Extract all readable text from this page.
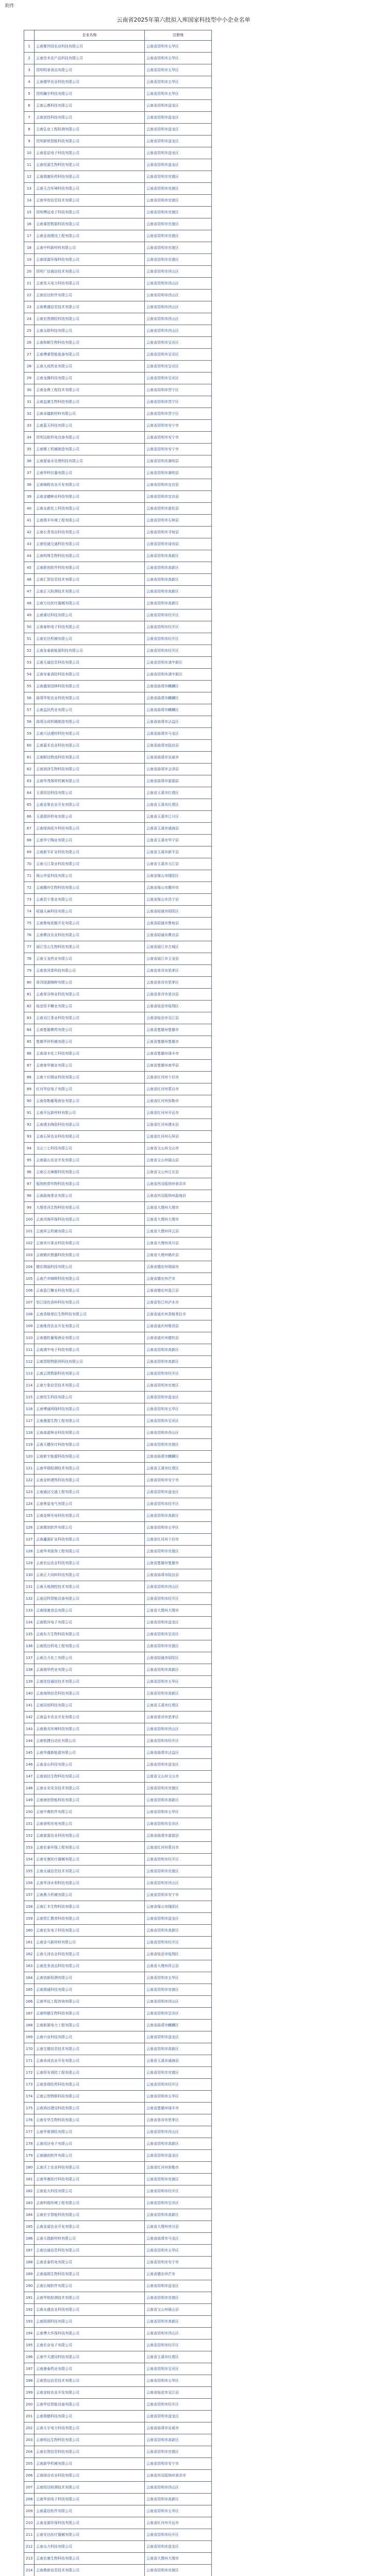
附件
云南省2025年第六批拟入库国家科技型中小企业名单
	企业名称	注册地
1	云南聚珍园农业科技有限公司	云南省昆明市五华区
2	云南佳禾农产品科技有限公司	云南省昆明市五华区
3	昆明明承食品有限公司	云南省昆明市五华区
4	云南德华农业科技有限公司	云南省昆明市五华区
5	昆明瀚宇科技有限公司	云南省昆明市五华区
6	云南云鼎科技有限公司	云南省昆明市盘龙区
7	云南创佳科技有限公司	云南省昆明市盘龙区
8	云南弘业工程检测有限公司	云南省昆明市盘龙区
9	昆明新锐智能科技有限公司	云南省昆明市盘龙区
10	云南星辰电子科技有限公司	云南省昆明市盘龙区
11	云南恒源生物科技有限公司	云南省昆明市盘龙区
12	云南瑞康医药科技有限公司	云南省昆明市官渡区
13	云南天合环境科技有限公司	云南省昆明市官渡区
14	云南华创信息技术有限公司	云南省昆明市官渡区
15	昆明博远电子科技有限公司	云南省昆明市官渡区
16	云南睿智数据科技有限公司	云南省昆明市官渡区
17	云南金润建设工程有限公司	云南省昆明市官渡区
18	云南中科新材料有限公司	云南省昆明市官渡区
19	云南绿源环保科技有限公司	云南省昆明市官渡区
20	昆明广信通信技术有限公司	云南省昆明市西山区
21	云南昊天电力科技有限公司	云南省昆明市西山区
22	云南信达软件有限公司	云南省昆明市西山区
23	云南鼎盛信息技术有限公司	云南省昆明市西山区
24	云南宏图测绘科技有限公司	云南省昆明市西山区
25	云南众联科技有限公司	云南省昆明市西山区
26	云南和顺生物科技有限公司	云南省昆明市呈贡区
27	云南博睿智能装备有限公司	云南省昆明市呈贡区
28	云南天成药业有限公司	云南省昆明市呈贡区
29	云南龙腾科技有限公司	云南省昆明市呈贡区
30	云南金鼎工程技术有限公司	云南省昆明市晋宁区
31	云南益康生物科技有限公司	云南省昆明市晋宁区
32	云南卓越新材料有限公司	云南省昆明市晋宁区
33	云南蓝天科技有限公司	云南省昆明市安宁市
34	昆明远航机电设备有限公司	云南省昆明市安宁市
35	云南精工机械制造有限公司	云南省昆明市安宁市
36	云南源泉水处理科技有限公司	云南省昆明市嵩明县
37	云南华科仪器有限公司	云南省昆明市嵩明县
38	云南锦程农业开发有限公司	云南省昆明市宜良县
39	云南金穗种业科技有限公司	云南省昆明市宜良县
40	云南永新化工科技有限公司	云南省昆明市富民县
41	云南瑞丰环境工程有限公司	云南省昆明市石林县
42	云南长青食品科技有限公司	云南省昆明市寻甸县
43	云南恒通交通科技有限公司	云南省昆明市禄劝县
44	云南明珠生物科技有限公司	云南省昆明市高新区
45	云南联创软件科技有限公司	云南省昆明市高新区
46	云南汇智信息技术有限公司	云南省昆明市高新区
47	云南正元检测技术有限公司	云南省昆明市高新区
48	云南万达医疗器械有限公司	云南省昆明市高新区
49	云南睿达科技有限公司	云南省昆明市经开区
50	云南泰和电子科技有限公司	云南省昆明市经开区
51	云南宏达机械有限公司	云南省昆明市经开区
52	云南金泰新能源科技有限公司	云南省昆明市经开区
53	云南天诚信息科技有限公司	云南省昆明市滇中新区
54	云南安泰消防科技有限公司	云南省昆明市滇中新区
55	云南盛景园林科技有限公司	云南省曲靖市麒麟区
56	曲靖华旭农业科技有限公司	云南省曲靖市麒麟区
57	云南益民药业有限公司	云南省曲靖市麒麟区
58	曲靖众成机械制造有限公司	云南省曲靖市沾益区
59	云南兴达建材科技有限公司	云南省曲靖市马龙区
60	云南嘉禾农业科技有限公司	云南省曲靖市陆良县
61	云南顺达物流科技有限公司	云南省曲靖市宣威市
62	云南润泽生物科技有限公司	云南省曲靖市会泽县
63	云南华茂烟草机械有限公司	云南省曲靖市富源县
64	玉溪恒信科技有限公司	云南省玉溪市红塔区
65	云南金果农业开发有限公司	云南省玉溪市红塔区
66	玉溪瑞祥机电有限公司	云南省玉溪市江川区
67	云南绿洲花卉科技有限公司	云南省玉溪市通海县
68	云南华宁陶业有限公司	云南省玉溪市华宁县
69	云南新平矿业科技有限公司	云南省玉溪市新平县
70	云南元江果业科技有限公司	云南省玉溪市元江县
71	保山华星科技有限公司	云南省保山市隆阳区
72	云南腾冲生物科技有限公司	云南省保山市腾冲市
73	云南昌宁茶业有限公司	云南省保山市昌宁县
74	昭通天麻科技有限公司	云南省昭通市昭阳区
75	云南鲁甸花椒开发有限公司	云南省昭通市鲁甸县
76	云南彝良农业科技有限公司	云南省昭通市彝良县
77	丽江雪山生物科技有限公司	云南省丽江市古城区
78	云南玉龙药业有限公司	云南省丽江市玉龙县
79	云南普洱茶科技有限公司	云南省普洱市思茅区
80	普洱绿源咖啡有限公司	云南省普洱市思茅区
81	云南景谷林业科技有限公司	云南省普洱市景谷县
82	临沧恒丰糖业有限公司	云南省临沧市临翔区
83	云南双江茶业科技有限公司	云南省临沧市双江县
84	云南楚雄彝药有限公司	云南省楚雄州楚雄市
85	楚雄华祥机械有限公司	云南省楚雄州楚雄市
86	云南禄丰化工科技有限公司	云南省楚雄州禄丰市
87	云南南华菌业有限公司	云南省楚雄州南华县
88	云南个旧锡业科技有限公司	云南省红河州个旧市
89	红河华信电子有限公司	云南省红河州蒙自市
90	云南弥勒葡萄酒业有限公司	云南省红河州弥勒市
91	云南开远新材料有限公司	云南省红河州开远市
92	云南建水陶瓷科技有限公司	云南省红河州建水县
93	云南石屏农业科技有限公司	云南省红河州石屏县
94	文山三七科技有限公司	云南省文山州文山市
95	云南砚山农业开发有限公司	云南省文山州砚山县
96	云南丘北辣椒科技有限公司	云南省文山州丘北县
97	版纳热带作物科技有限公司	云南省西双版纳州景洪市
98	云南勐海茶业有限公司	云南省西双版纳州勐海县
99	大理苍洱生物科技有限公司	云南省大理州大理市
100	云南洱海环保科技有限公司	云南省大理州大理市
101	云南祥云机械有限公司	云南省大理州祥云县
102	云南宾川果业科技有限公司	云南省大理州宾川县
103	云南鹤庆银器科技有限公司	云南省大理州鹤庆县
104	德宏瑞丽科技有限公司	云南省德宏州瑞丽市
105	云南芒市咖啡科技有限公司	云南省德宏州芒市
106	云南盈江糖业科技有限公司	云南省德宏州盈江县
107	怒江绿色香料科技有限公司	云南省怒江州泸水市
108	云南香格里拉生物科技有限公司	云南省迪庆州香格里拉市
109	云南维西农业开发有限公司	云南省迪庆州维西县
110	云南德钦葡萄酒业有限公司	云南省迪庆州德钦县
111	云南滇中电子科技有限公司	云南省昆明市高新区
112	云南智联物联网科技有限公司	云南省昆明市高新区
113	云南云图数据科技有限公司	云南省昆明市经开区
114	云南万象信息技术有限公司	云南省昆明市官渡区
115	云南恒生科技有限公司	云南省昆明市盘龙区
116	云南博通网络科技有限公司	云南省昆明市五华区
117	云南康源生物工程有限公司	云南省昆明市呈贡区
118	云南森源林业科技有限公司	云南省昆明市西山区
119	云南天健医疗科技有限公司	云南省昆明市官渡区
120	云南新宇能源科技有限公司	云南省曲靖市麒麟区
121	云南华瑞检测技术有限公司	云南省玉溪市红塔区
122	云南金桥建筑科技有限公司	云南省昆明市安宁市
123	云南通达交通工程有限公司	云南省昆明市盘龙区
124	云南奥星电气有限公司	云南省昆明市经开区
125	云南金辉光电科技有限公司	云南省昆明市高新区
126	云南微创软件有限公司	云南省昆明市五华区
127	云南鑫源矿业科技有限公司	云南省红河州个旧市
128	云南华美装饰工程有限公司	云南省昆明市官渡区
129	云南宏运农业科技有限公司	云南省楚雄州楚雄市
130	云南正大饲料科技有限公司	云南省曲靖市陆良县
131	云南天地测控技术有限公司	云南省昆明市西山区
132	云南迈科智能设备有限公司	云南省昆明市经开区
133	云南绿康食品有限公司	云南省大理州大理市
134	云南银河电子有限公司	云南省昆明市盘龙区
135	云南东方生物科技有限公司	云南省昆明市呈贡区
136	云南凯达机电工程有限公司	云南省昆明市官渡区
137	云南合力化工有限公司	云南省昭通市昭阳区
138	云南瑞华药业有限公司	云南省昆明市高新区
139	云南佳信通信技术有限公司	云南省昆明市五华区
140	云南海纳信息科技有限公司	云南省昆明市高新区
141	云南同创科技有限公司	云南省玉溪市红塔区
142	云南益丰农业开发有限公司	云南省普洱市思茅区
143	云南晨光环境科技有限公司	云南省昆明市西山区
144	云南锐捷自动化有限公司	云南省昆明市经开区
145	云南华盛新能源有限公司	云南省曲靖市沾益区
146	云南金山科技有限公司	云南省昆明市盘龙区
147	云南润达生物科技有限公司	云南省文山州文山市
148	云南永安安全技术有限公司	云南省昆明市官渡区
149	云南海创智能科技有限公司	云南省昆明市高新区
150	云南中鼎软件有限公司	云南省昆明市五华区
151	云南景明光电有限公司	云南省昆明市呈贡区
152	云南富源农业科技有限公司	云南省曲靖市富源县
153	云南宏泰环保工程有限公司	云南省红河州蒙自市
154	云南安康医疗器械有限公司	云南省昆明市经开区
155	云南众诚信息技术有限公司	云南省昆明市官渡区
156	云南华泽水利科技有限公司	云南省昆明市西山区
157	云南鼎力机械有限公司	云南省昆明市安宁市
158	云南汇丰生物科技有限公司	云南省保山市隆阳区
159	云南智汇教育科技有限公司	云南省昆明市盘龙区
160	云南宏发电子科技有限公司	云南省昆明市高新区
161	云南金马新材料有限公司	云南省昆明市经开区
162	云南天泽农业科技有限公司	云南省临沧市临翔区
163	云南佳美食品科技有限公司	云南省大理州祥云县
164	云南创新检测有限公司	云南省昆明市五华区
165	云南瑞通科技有限公司	云南省昆明市官渡区
166	云南华远工程咨询有限公司	云南省昆明市西山区
167	云南明德生物科技有限公司	云南省昆明市呈贡区
168	云南新源电力工程有限公司	云南省曲靖市麒麟区
169	云南兴业科技有限公司	云南省昆明市盘龙区
170	云南宝德信息技术有限公司	云南省昆明市高新区
171	云南卓成农业开发有限公司	云南省玉溪市通海县
172	云南恒安消防工程有限公司	云南省昆明市官渡区
173	云南普瑞医药科技有限公司	云南省昆明市经开区
174	云南云智物联科技有限公司	云南省昆明市五华区
175	云南鸿达建设科技有限公司	云南省楚雄州禄丰市
176	云南安华生物科技有限公司	云南省普洱市思茅区
177	云南华夏测绘有限公司	云南省昆明市西山区
178	云南同达电子有限公司	云南省昆明市高新区
179	云南融创软件有限公司	云南省昆明市盘龙区
180	云南沃土农业科技有限公司	云南省红河州弥勒市
181	云南华康医疗科技有限公司	云南省昆明市官渡区
182	云南星火科技有限公司	云南省昆明市经开区
183	云南科瑞环境工程有限公司	云南省昆明市呈贡区
184	云南宏宇智能科技有限公司	云南省昆明市高新区
185	云南金福农业开发有限公司	云南省大理州宾川县
186	云南天瑞新材料有限公司	云南省曲靖市马龙区
187	云南达通信息科技有限公司	云南省昆明市五华区
188	云南亚泰机电有限公司	云南省昆明市安宁市
189	云南福瑞生物科技有限公司	云南省德宏州芒市
190	云南长城软件有限公司	云南省昆明市盘龙区
191	云南华铭检测技术有限公司	云南省昆明市官渡区
192	云南永盛农业科技有限公司	云南省文山州砚山县
193	云南凯瑞科技有限公司	云南省昆明市高新区
194	云南博大环保科技有限公司	云南省昆明市西山区
195	云南宏业电子有限公司	云南省昆明市经开区
196	云南中天建设科技有限公司	云南省玉溪市红塔区
197	云南康泰药业有限公司	云南省昆明市呈贡区
198	云南智远信息技术有限公司	云南省昆明市五华区
199	云南金桂农业开发有限公司	云南省临沧市双江县
200	云南华信智能设备有限公司	云南省昆明市经开区
201	云南瑞德科技有限公司	云南省昆明市盘龙区
202	云南天宇电力科技有限公司	云南省曲靖市宣威市
203	云南明远生物科技有限公司	云南省昆明市高新区
204	云南宏图信息科技有限公司	云南省昆明市官渡区
205	云南新华机械有限公司	云南省昆明市安宁市
206	云南绿谷农业科技有限公司	云南省西双版纳州景洪市
207	云南恒达检测技术有限公司	云南省昆明市西山区
208	云南华创电子科技有限公司	云南省昆明市高新区
209	云南嘉信软件有限公司	云南省昆明市五华区
210	云南金源环保科技有限公司	云南省红河州开远市
211	云南安达医疗器械有限公司	云南省昆明市经开区
212	云南众力科技有限公司	云南省昆明市盘龙区
213	云南宏康生物科技有限公司	云南省大理州大理市
214	云南鼎新信息技术有限公司	云南省昆明市官渡区
